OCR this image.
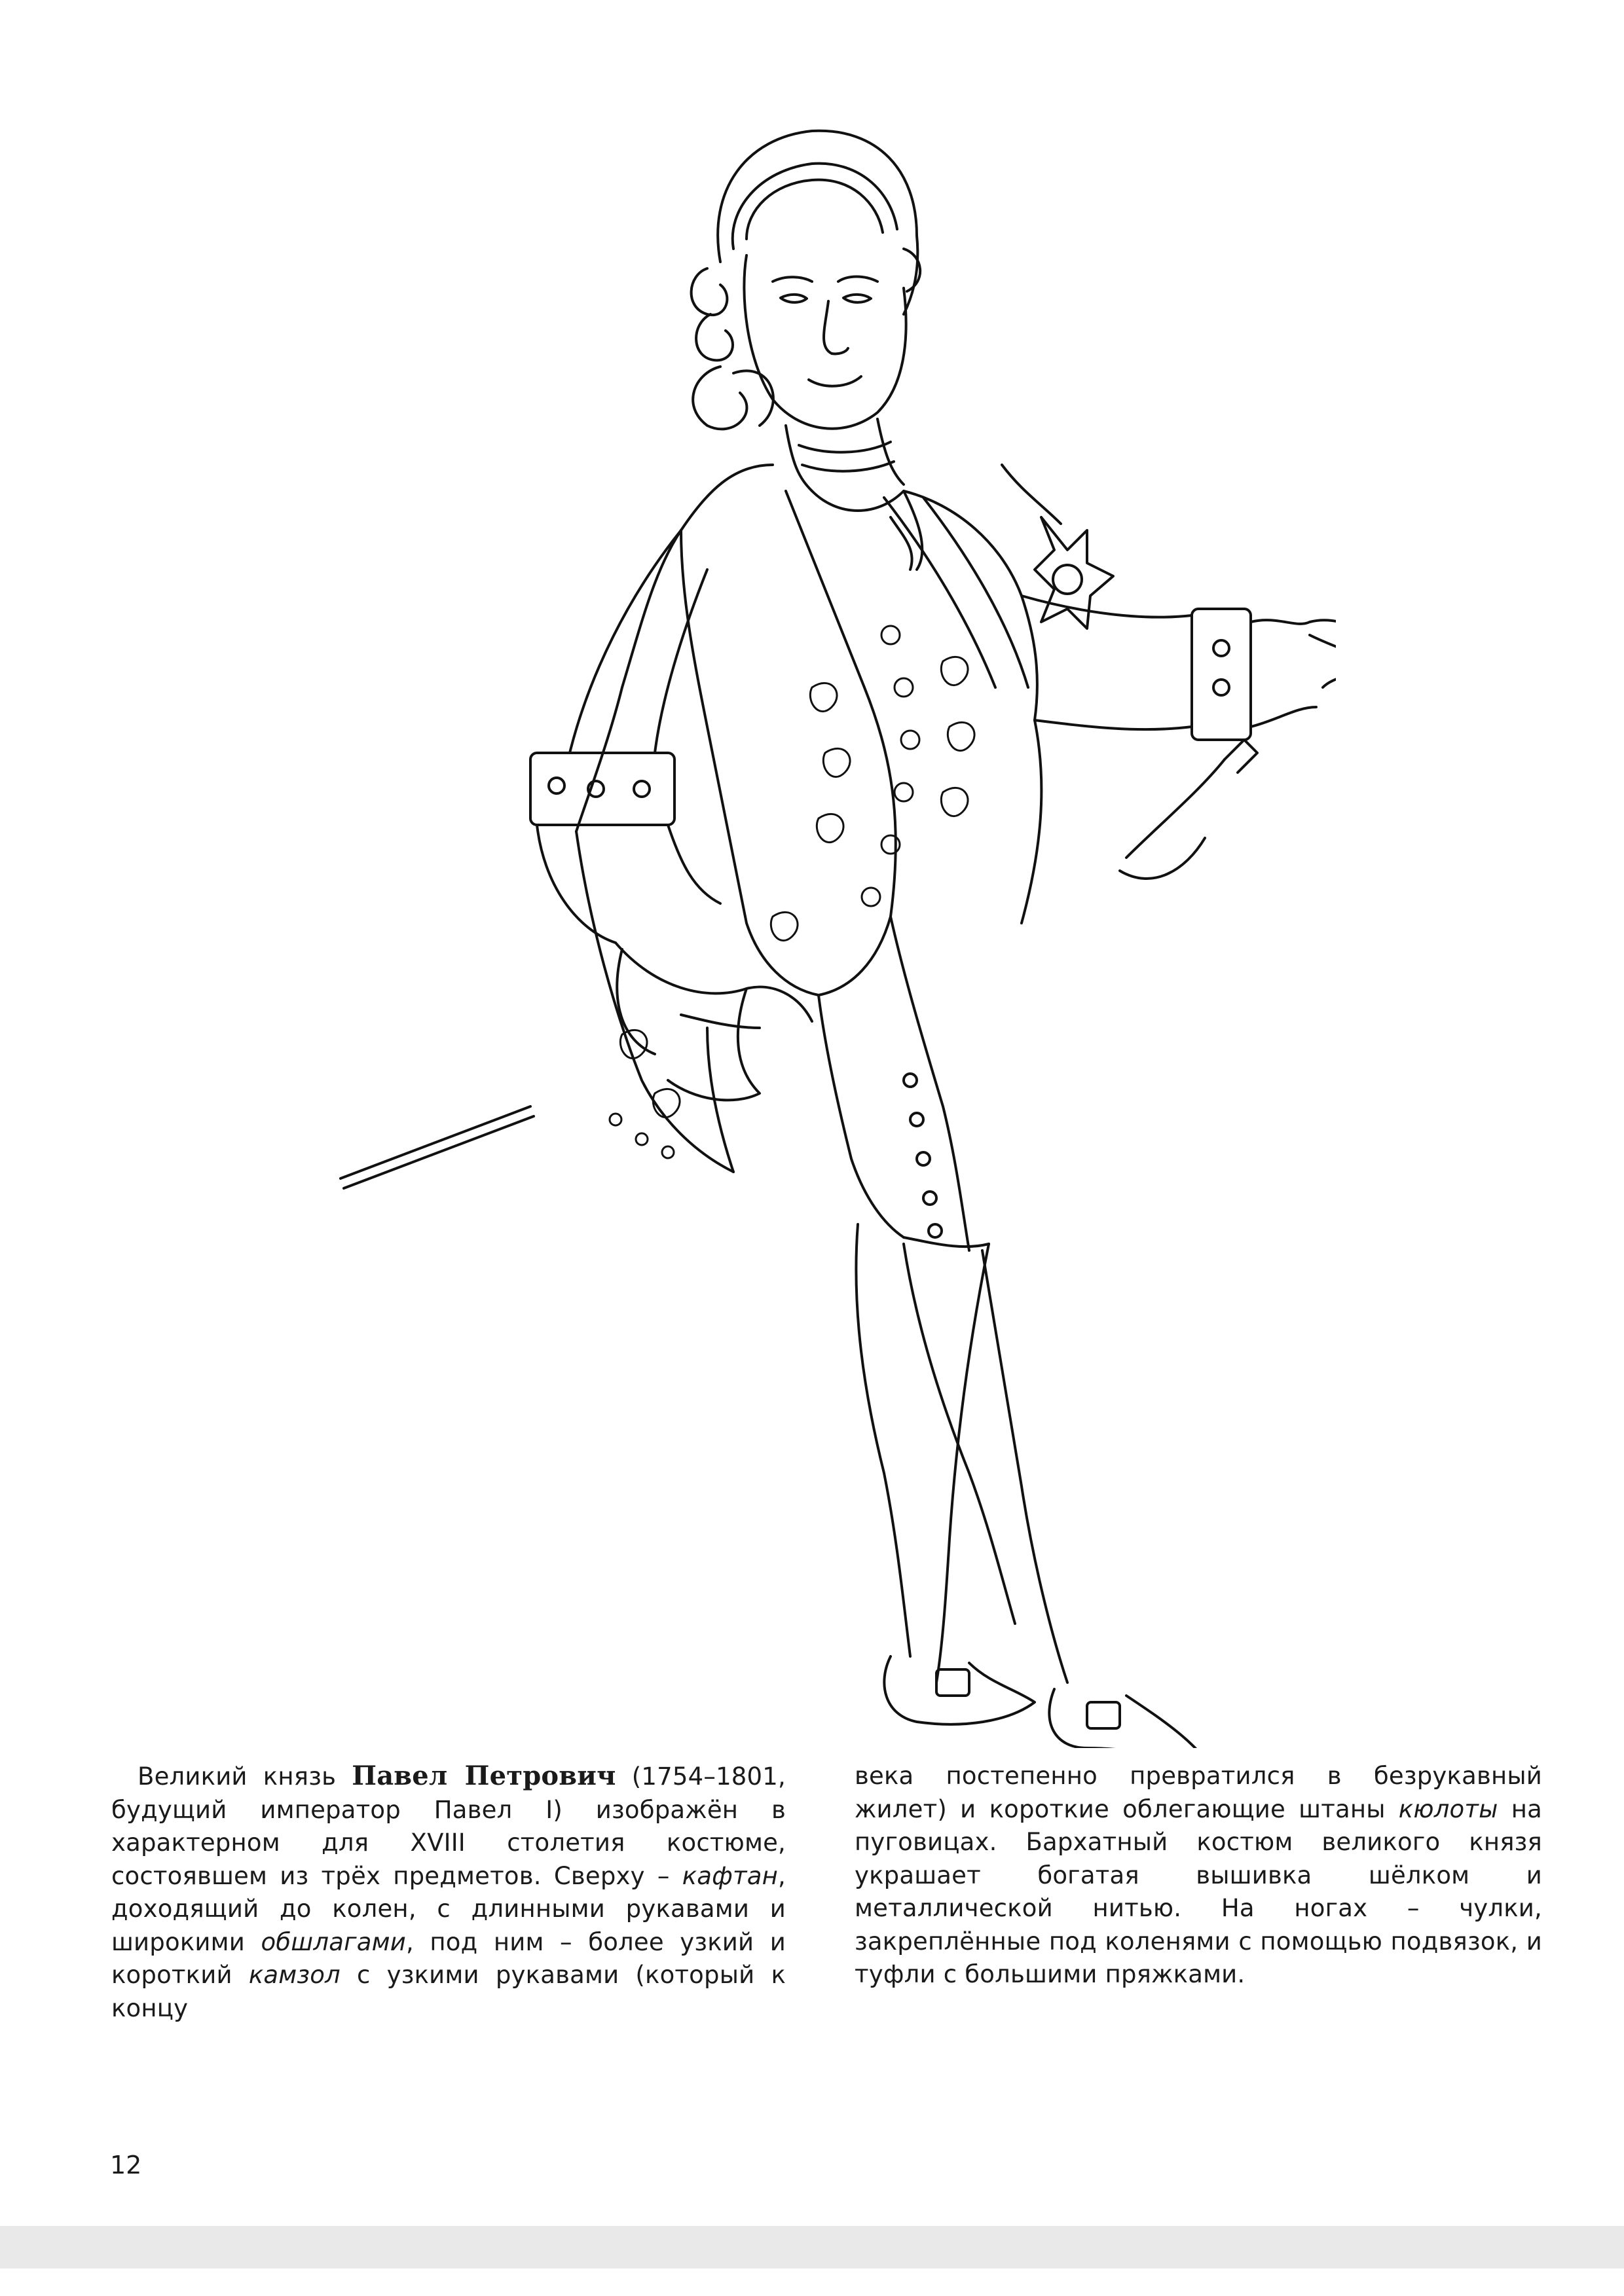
Великий князь Павел Петрович (1754–1801, будущий император Павел I) изображён в характерном для XVIII столетия костюме, состоявшем из трёх предметов. Сверху – кафтан, доходящий до колен, с длинными рукавами и широкими обшлагами, под ним – более узкий и короткий камзол с узкими рукавами (который к концу

века постепенно превратился в безрукавный жилет) и короткие облегающие штаны кюлоты на пуговицах. Бархатный костюм великого князя украшает богатая вышивка шёлком и металлической нитью. На ногах – чулки, закреплённые под коленями с помощью подвязок, и туфли с большими пряжками.

12
